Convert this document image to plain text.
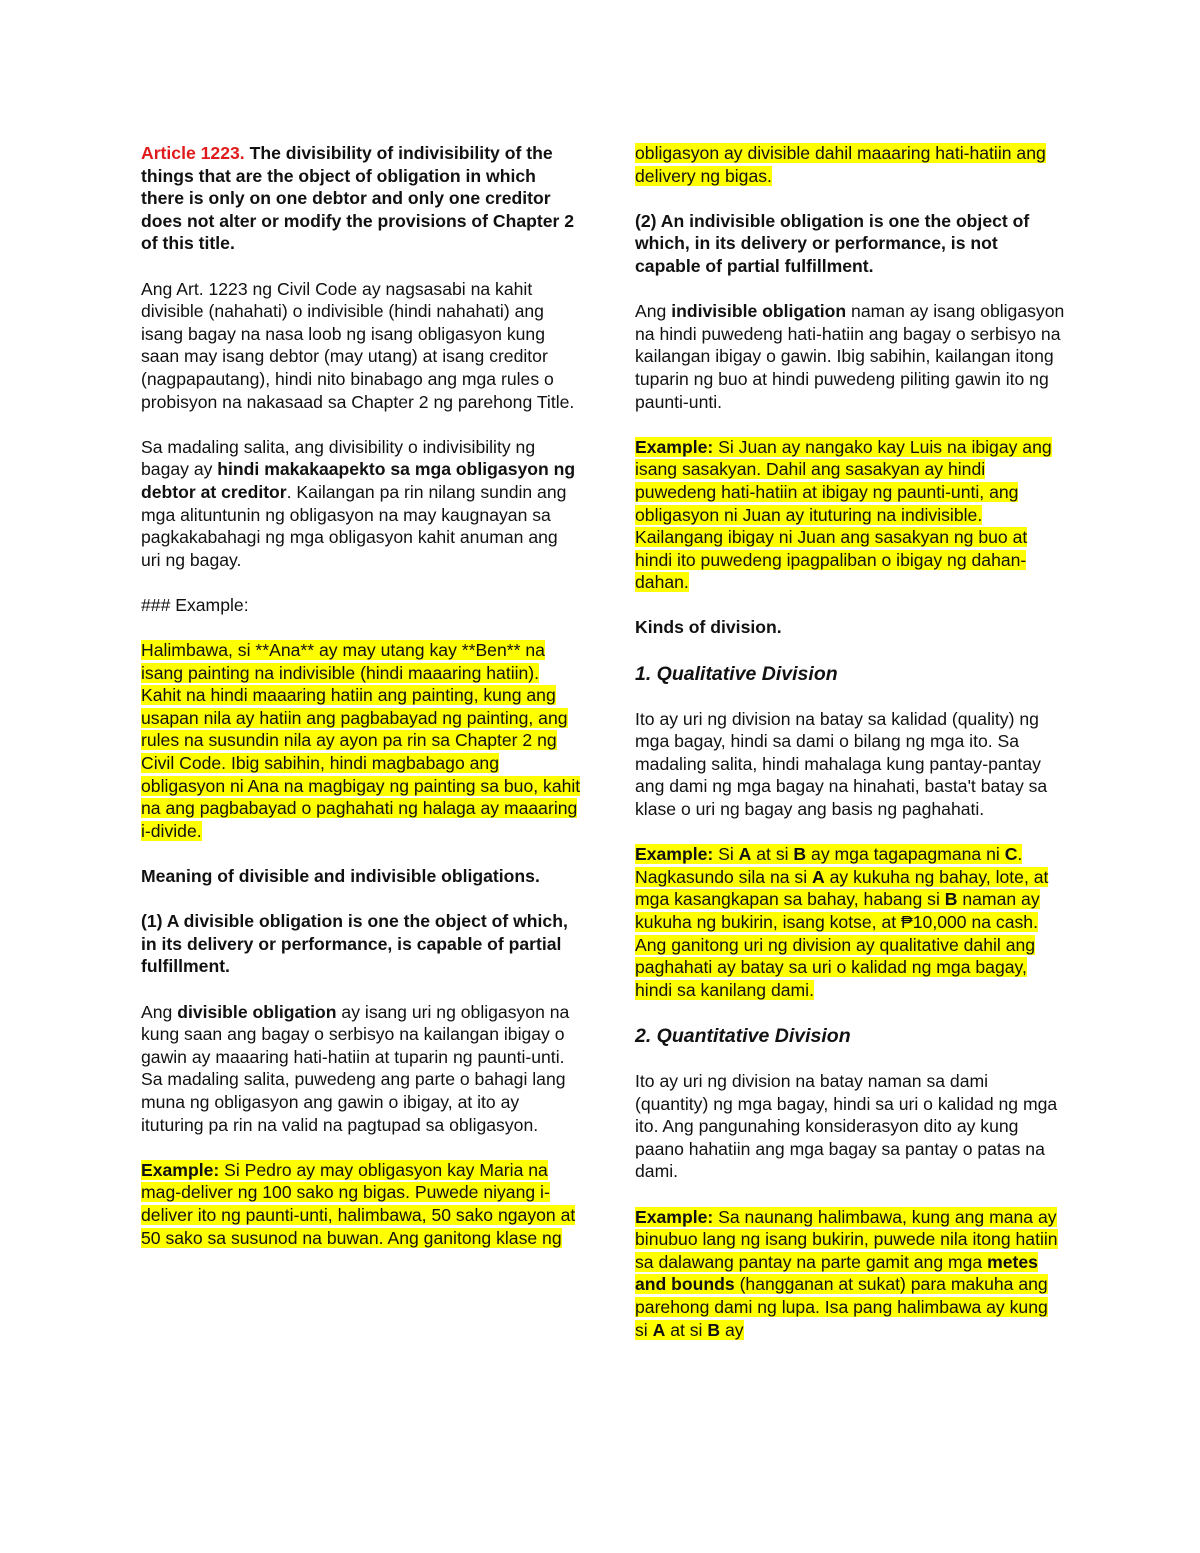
Article 1223. The divisibility of indivisibility of the things that are the object of obligation in which there is only on one debtor and only one creditor does not alter or modify the provisions of Chapter 2 of this title.

Ang Art. 1223 ng Civil Code ay nagsasabi na kahit divisible (nahahati) o indivisible (hindi nahahati) ang isang bagay na nasa loob ng isang obligasyon kung saan may isang debtor (may utang) at isang creditor (nagpapautang), hindi nito binabago ang mga rules o probisyon na nakasaad sa Chapter 2 ng parehong Title.

Sa madaling salita, ang divisibility o indivisibility ng bagay ay hindi makakaapekto sa mga obligasyon ng debtor at creditor. Kailangan pa rin nilang sundin ang mga alituntunin ng obligasyon na may kaugnayan sa pagkakabahagi ng mga obligasyon kahit anuman ang uri ng bagay.

### Example:

Halimbawa, si **Ana** ay may utang kay **Ben** na isang painting na indivisible (hindi maaaring hatiin). Kahit na hindi maaaring hatiin ang painting, kung ang usapan nila ay hatiin ang pagbabayad ng painting, ang rules na susundin nila ay ayon pa rin sa Chapter 2 ng Civil Code. Ibig sabihin, hindi magbabago ang obligasyon ni Ana na magbigay ng painting sa buo, kahit na ang pagbabayad o paghahati ng halaga ay maaaring i-divide.

Meaning of divisible and indivisible obligations.

(1) A divisible obligation is one the object of which, in its delivery or performance, is capable of partial fulfillment.

Ang divisible obligation ay isang uri ng obligasyon na kung saan ang bagay o serbisyo na kailangan ibigay o gawin ay maaaring hati-hatiin at tuparin ng paunti-unti. Sa madaling salita, puwedeng ang parte o bahagi lang muna ng obligasyon ang gawin o ibigay, at ito ay ituturing pa rin na valid na pagtupad sa obligasyon.

Example: Si Pedro ay may obligasyon kay Maria na mag-deliver ng 100 sako ng bigas. Puwede niyang i-deliver ito ng paunti-unti, halimbawa, 50 sako ngayon at 50 sako sa susunod na buwan. Ang ganitong klase ng

obligasyon ay divisible dahil maaaring hati-hatiin ang delivery ng bigas.

(2) An indivisible obligation is one the object of which, in its delivery or performance, is not capable of partial fulfillment.

Ang indivisible obligation naman ay isang obligasyon na hindi puwedeng hati-hatiin ang bagay o serbisyo na kailangan ibigay o gawin. Ibig sabihin, kailangan itong tuparin ng buo at hindi puwedeng piliting gawin ito ng paunti-unti.

Example: Si Juan ay nangako kay Luis na ibigay ang isang sasakyan. Dahil ang sasakyan ay hindi puwedeng hati-hatiin at ibigay ng paunti-unti, ang obligasyon ni Juan ay ituturing na indivisible. Kailangang ibigay ni Juan ang sasakyan ng buo at hindi ito puwedeng ipagpaliban o ibigay ng dahan-dahan.

Kinds of division.

1. Qualitative Division

Ito ay uri ng division na batay sa kalidad (quality) ng mga bagay, hindi sa dami o bilang ng mga ito. Sa madaling salita, hindi mahalaga kung pantay-pantay ang dami ng mga bagay na hinahati, basta't batay sa klase o uri ng bagay ang basis ng paghahati.

Example: Si A at si B ay mga tagapagmana ni C. Nagkasundo sila na si A ay kukuha ng bahay, lote, at mga kasangkapan sa bahay, habang si B naman ay kukuha ng bukirin, isang kotse, at ₱10,000 na cash. Ang ganitong uri ng division ay qualitative dahil ang paghahati ay batay sa uri o kalidad ng mga bagay, hindi sa kanilang dami.

2. Quantitative Division

Ito ay uri ng division na batay naman sa dami (quantity) ng mga bagay, hindi sa uri o kalidad ng mga ito. Ang pangunahing konsiderasyon dito ay kung paano hahatiin ang mga bagay sa pantay o patas na dami.

Example: Sa naunang halimbawa, kung ang mana ay binubuo lang ng isang bukirin, puwede nila itong hatiin sa dalawang pantay na parte gamit ang mga metes and bounds (hangganan at sukat) para makuha ang parehong dami ng lupa. Isa pang halimbawa ay kung si A at si B ay
